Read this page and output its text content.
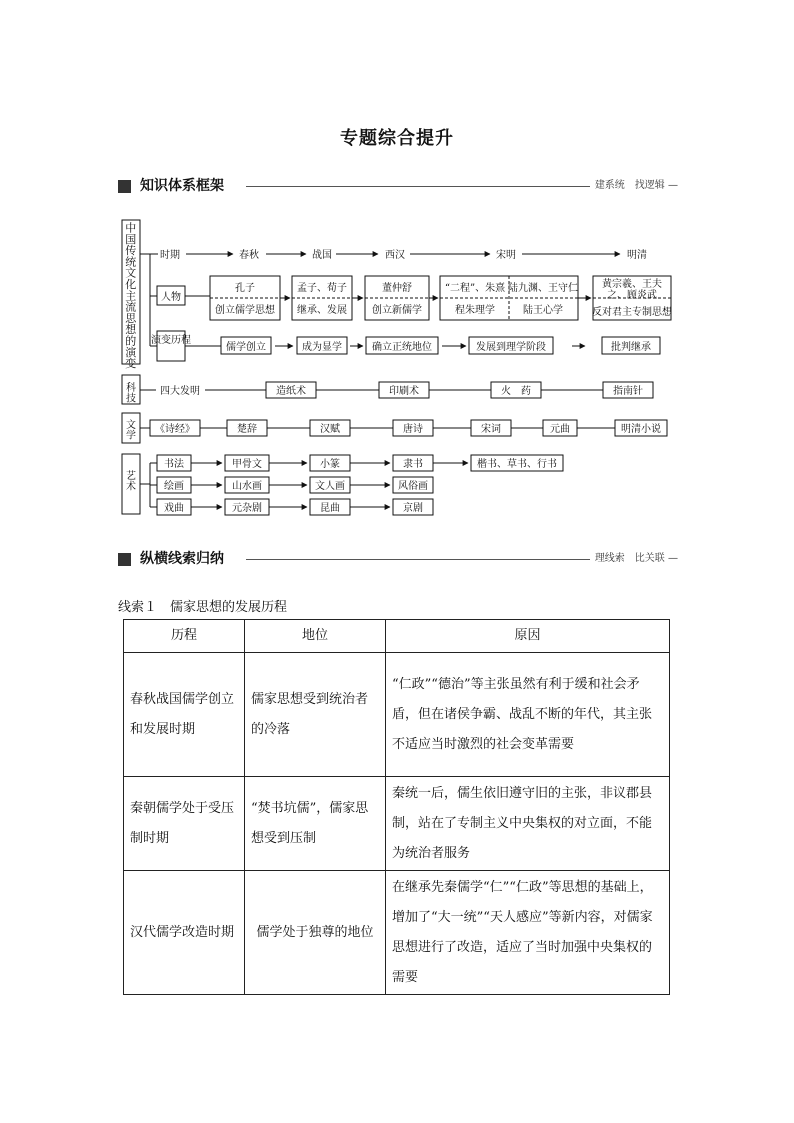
专题综合提升
知识体系框架	建系统　找逻辑 —
中国传统文化主流思想的演变
时期	春秋	战国	西汉	宋明	明清
人物
孔子
创立儒学思想
孟子、荀子
继承、发展
董仲舒
创立新儒学
“二程”、朱熹 陆九渊、王守仁
程朱理学	陆王心学
黄宗羲、王夫
之、顾炎武
反对君主专制思想
演变历程
儒学创立	成为显学	确立正统地位	发展到理学阶段	批判继承
科技
四大发明	造纸术	印刷术	火　药	指南针
文学
《诗经》	楚辞	汉赋	唐诗	宋词	元曲	明清小说
艺术
书法
绘画
戏曲
甲骨文	小篆	隶书	楷书、草书、行书
山水画	文人画	风俗画
元杂剧	昆曲	京剧
纵横线索归纳	理线索　比关联 —
线索１　儒家思想的发展历程
历程	地位	原因
春秋战国儒学创立和发展时期	儒家思想受到统治者的冷落	“仁政”“德治”等主张虽然有利于缓和社会矛盾，但在诸侯争霸、战乱不断的年代，其主张不适应当时激烈的社会变革需要
秦朝儒学处于受压制时期	“焚书坑儒”，儒家思想受到压制	秦统一后，儒生依旧遵守旧的主张，非议郡县制，站在了专制主义中央集权的对立面，不能为统治者服务
汉代儒学改造时期	儒学处于独尊的地位	在继承先秦儒学“仁”“仁政”等思想的基础上，增加了“大一统”“天人感应”等新内容，对儒家思想进行了改造，适应了当时加强中央集权的需要
